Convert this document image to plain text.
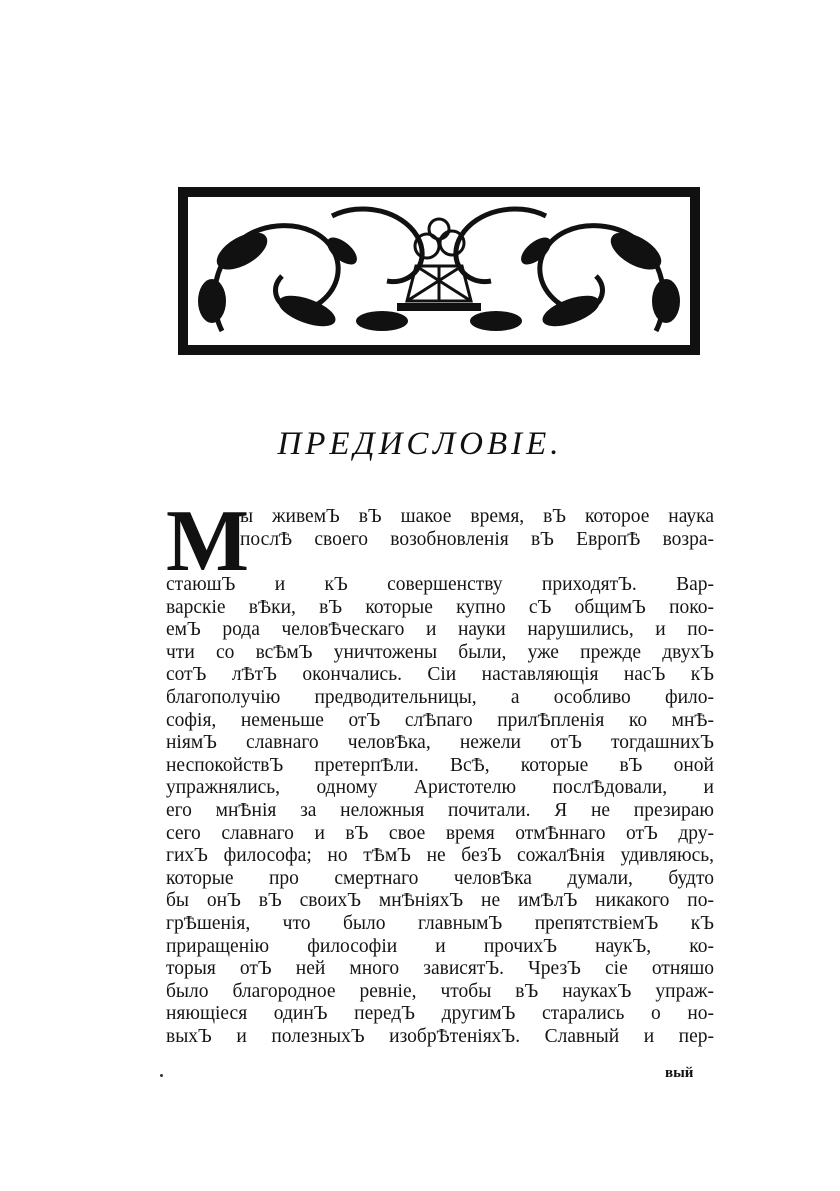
ПРЕДИСЛОВІЕ.
М
ы живемЪ вЪ шакое время, вЪ которое наука
послѢ своего возобновленія вЪ ЕвропѢ возра-
стаюшЪ и кЪ совершенству приходятЪ. Вар-
варскіе вѢки, вЪ которые купно сЪ общимЪ поко-
емЪ рода человѢческаго и науки нарушились, и по-
чти со всѢмЪ уничтожены были, уже прежде двухЪ
сотЪ лѢтЪ окончались. Сіи наставляющія насЪ кЪ
благополучію предводительницы, а особливо фило-
софія, неменьше отЪ слѢпаго прилѢпленія ко мнѢ-
ніямЪ славнаго человѢка, нежели отЪ тогдашнихЪ
неспокойствЪ претерпѢли. ВсѢ, которые вЪ оной
упражнялись, одному Аристотелю послѢдовали, и
его мнѢнія за неложныя почитали. Я не презираю
сего славнаго и вЪ свое время отмѢннаго отЪ дру-
гихЪ философа; но тѢмЪ не безЪ сожалѢнія удивляюсь,
которые про смертнаго человѢка думали, будто
бы онЪ вЪ своихЪ мнѢніяхЪ не имѢлЪ никакого по-
грѢшенія, что было главнымЪ препятствіемЪ кЪ
приращенію философіи и прочихЪ наукЪ, ко-
торыя отЪ ней много зависятЪ. ЧрезЪ сіе отняшо
было благородное ревніе, чтобы вЪ наукахЪ упраж-
няющіеся одинЪ передЪ другимЪ старались о но-
выхЪ и полезныхЪ изобрѢтеніяхЪ. Славный и пер-
вый
